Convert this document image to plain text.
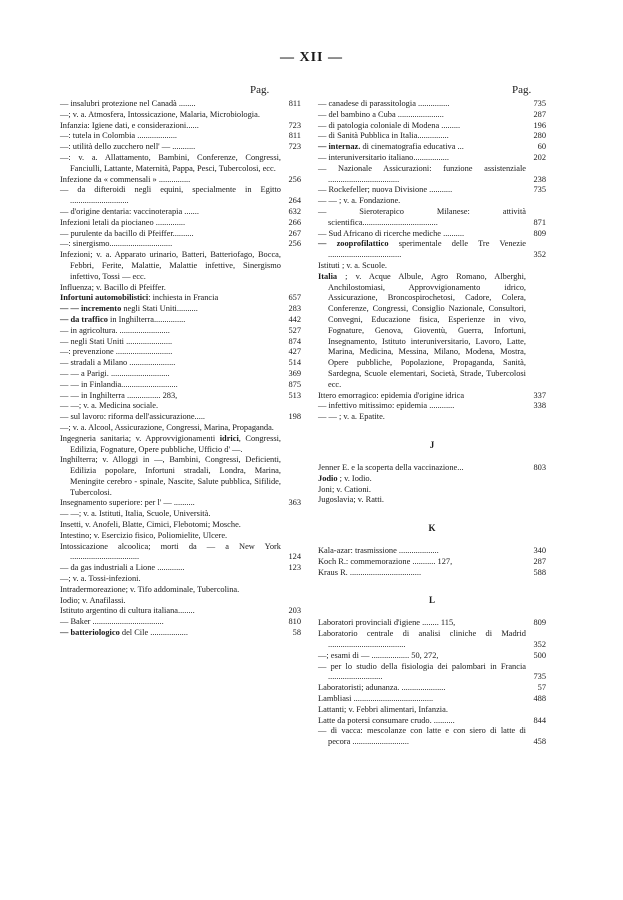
— XII —
Pag.	Pag.
— insalubri protezione nel Canadà ........	811
—; v. a. Atmosfera, Intossicazione, Malaria, Microbiologia.
Infanzia: Igiene dati, e considerazioni......	723
—: tutela in Colombia ...................	811
—: utilità dello zucchero nell' — ...........	723
—: v. a. Allattamento, Bambini, Conferenze, Congressi, Fanciulli, Lattante, Maternità, Pappa, Pesci, Tubercolosi, ecc.
Infezione da « commensali » ...............	256
— da difteroidi negli equini, specialmente in Egitto ............................	264
— d'origine dentaria: vaccinoterapia .......	632
Infezioni letali da piocianeo ..............	266
— purulente da bacillo di Pfeiffer..........	267
—: sinergismo..............................	256
Infezioni; v. a. Apparato urinario, Batteri, Batteriofago, Bocca, Febbri, Ferite, Malattie, Malattie infettive, Sinergismo infettivo, Tossi — ecc.
Influenza; v. Bacillo di Pfeiffer.
Infortuni automobilistici: inchiesta in Francia	657
— — incremento negli Stati Uniti..........	283
— da traffico in Inghilterra...............	442
— in agricoltura. ........................	527
— negli Stati Uniti ......................	874
—: prevenzione ...........................	427
— stradali a Milano ......................	514
— — a Parigi. ............................	369
— — in Finlandia...........................	875
— — in Inghilterra ................ 283,	513
— —; v. a. Medicina sociale.
— sul lavoro: riforma dell'assicurazione.....	198
—; v. a. Alcool, Assicurazione, Congressi, Marina, Propaganda.
Ingegneria sanitaria; v. Approvvigionamenti idrici, Congressi, Edilizia, Fognature, Opere pubbliche, Ufficio d' —.
Inghilterra; v. Alloggi in —, Bambini, Congressi, Deficienti, Edilizia popolare, Infortuni stradali, Londra, Marina, Meningite cerebro - spinale, Nascite, Salute pubblica, Sifilide, Tubercolosi.
Insegnamento superiore: per l' — ..........	363
— —; v. a. Istituti, Italia, Scuole, Università.
Insetti, v. Anofeli, Blatte, Cimici, Flebotomi; Mosche.
Intestino; v. Esercizio fisico, Poliomielite, Ulcere.
Intossicazione alcoolica; morti da — a New York .................................	124
— da gas industriali a Lione .............	123
—; v. a. Tossi-infezioni.
Intradermoreazione; v. Tifo addominale, Tubercolina.
Iodio; v. Anafilassi.
Istituto argentino di cultura italiana........	203
— Baker ..................................	810
— batteriologico del Cile ..................	58
— canadese di parassitologia ...............	735
— del bambino a Cuba ......................	287
— di patologia coloniale di Modena .........	196
— di Sanità Pubblica in Italia...............	280
— internaz. di cinematografia educativa ...	60
— interuniversitario italiano.................	202
— Nazionale Assicurazioni: funzione assistenziale ..................................	238
— Rockefeller; nuova Divisione ...........	735
— — ; v. a. Fondazione.
— Sieroterapico Milanese: attività scientifica....................................	871
— Sud Africano di ricerche mediche ..........	809
— zooprofilattico sperimentale delle Tre Venezie ...................................	352
Istituti ; v. a. Scuole.
Italia ; v. Acque Albule, Agro Romano, Alberghi, Anchilostomiasi, Approvvigionamento idrico, Assicurazione, Broncospirochetosi, Cadore, Colera, Conferenze, Congressi, Consiglio Nazionale, Consultori, Convegni, Educazione fisica, Esperienze in vivo, Fognature, Genova, Gioventù, Guerra, Infortuni, Insegnamento, Istituto interuniversitario, Lavoro, Latte, Marina, Medicina, Messina, Milano, Modena, Mostra, Opere pubbliche, Popolazione, Propaganda, Sanità, Sardegna, Scuole elementari, Società, Strade, Tubercolosi ecc.
Ittero emorragico: epidemia d'origine idrica	337
— infettivo mitissimo: epidemia ............	338
— — ; v. a. Epatite.
J
Jenner E. e la scoperta della vaccinazione...	803
Jodio ; v. Iodio.
Joni; v. Cationi.
Jugoslavia; v. Ratti.
K
Kala-azar: trasmissione ...................	340
Koch R.: commemorazione ........... 127,	287
Kraus R. ..................................	588
L
Laboratori provinciali d'igiene ........ 115,	809
Laboratorio centrale di analisi cliniche di Madrid .....................................	352
—; esami di — .................. 50, 272,	500
— per lo studio della fisiologia dei palombari in Francia ..........................	735
Laboratoristi; adunanza. .....................	57
Lambliasi ......................................	488
Lattanti; v. Febbri alimentari, Infanzia.
Latte da potersi consumare crudo. ..........	844
— di vacca: mescolanze con latte e con siero di latte di pecora ...........................	458
